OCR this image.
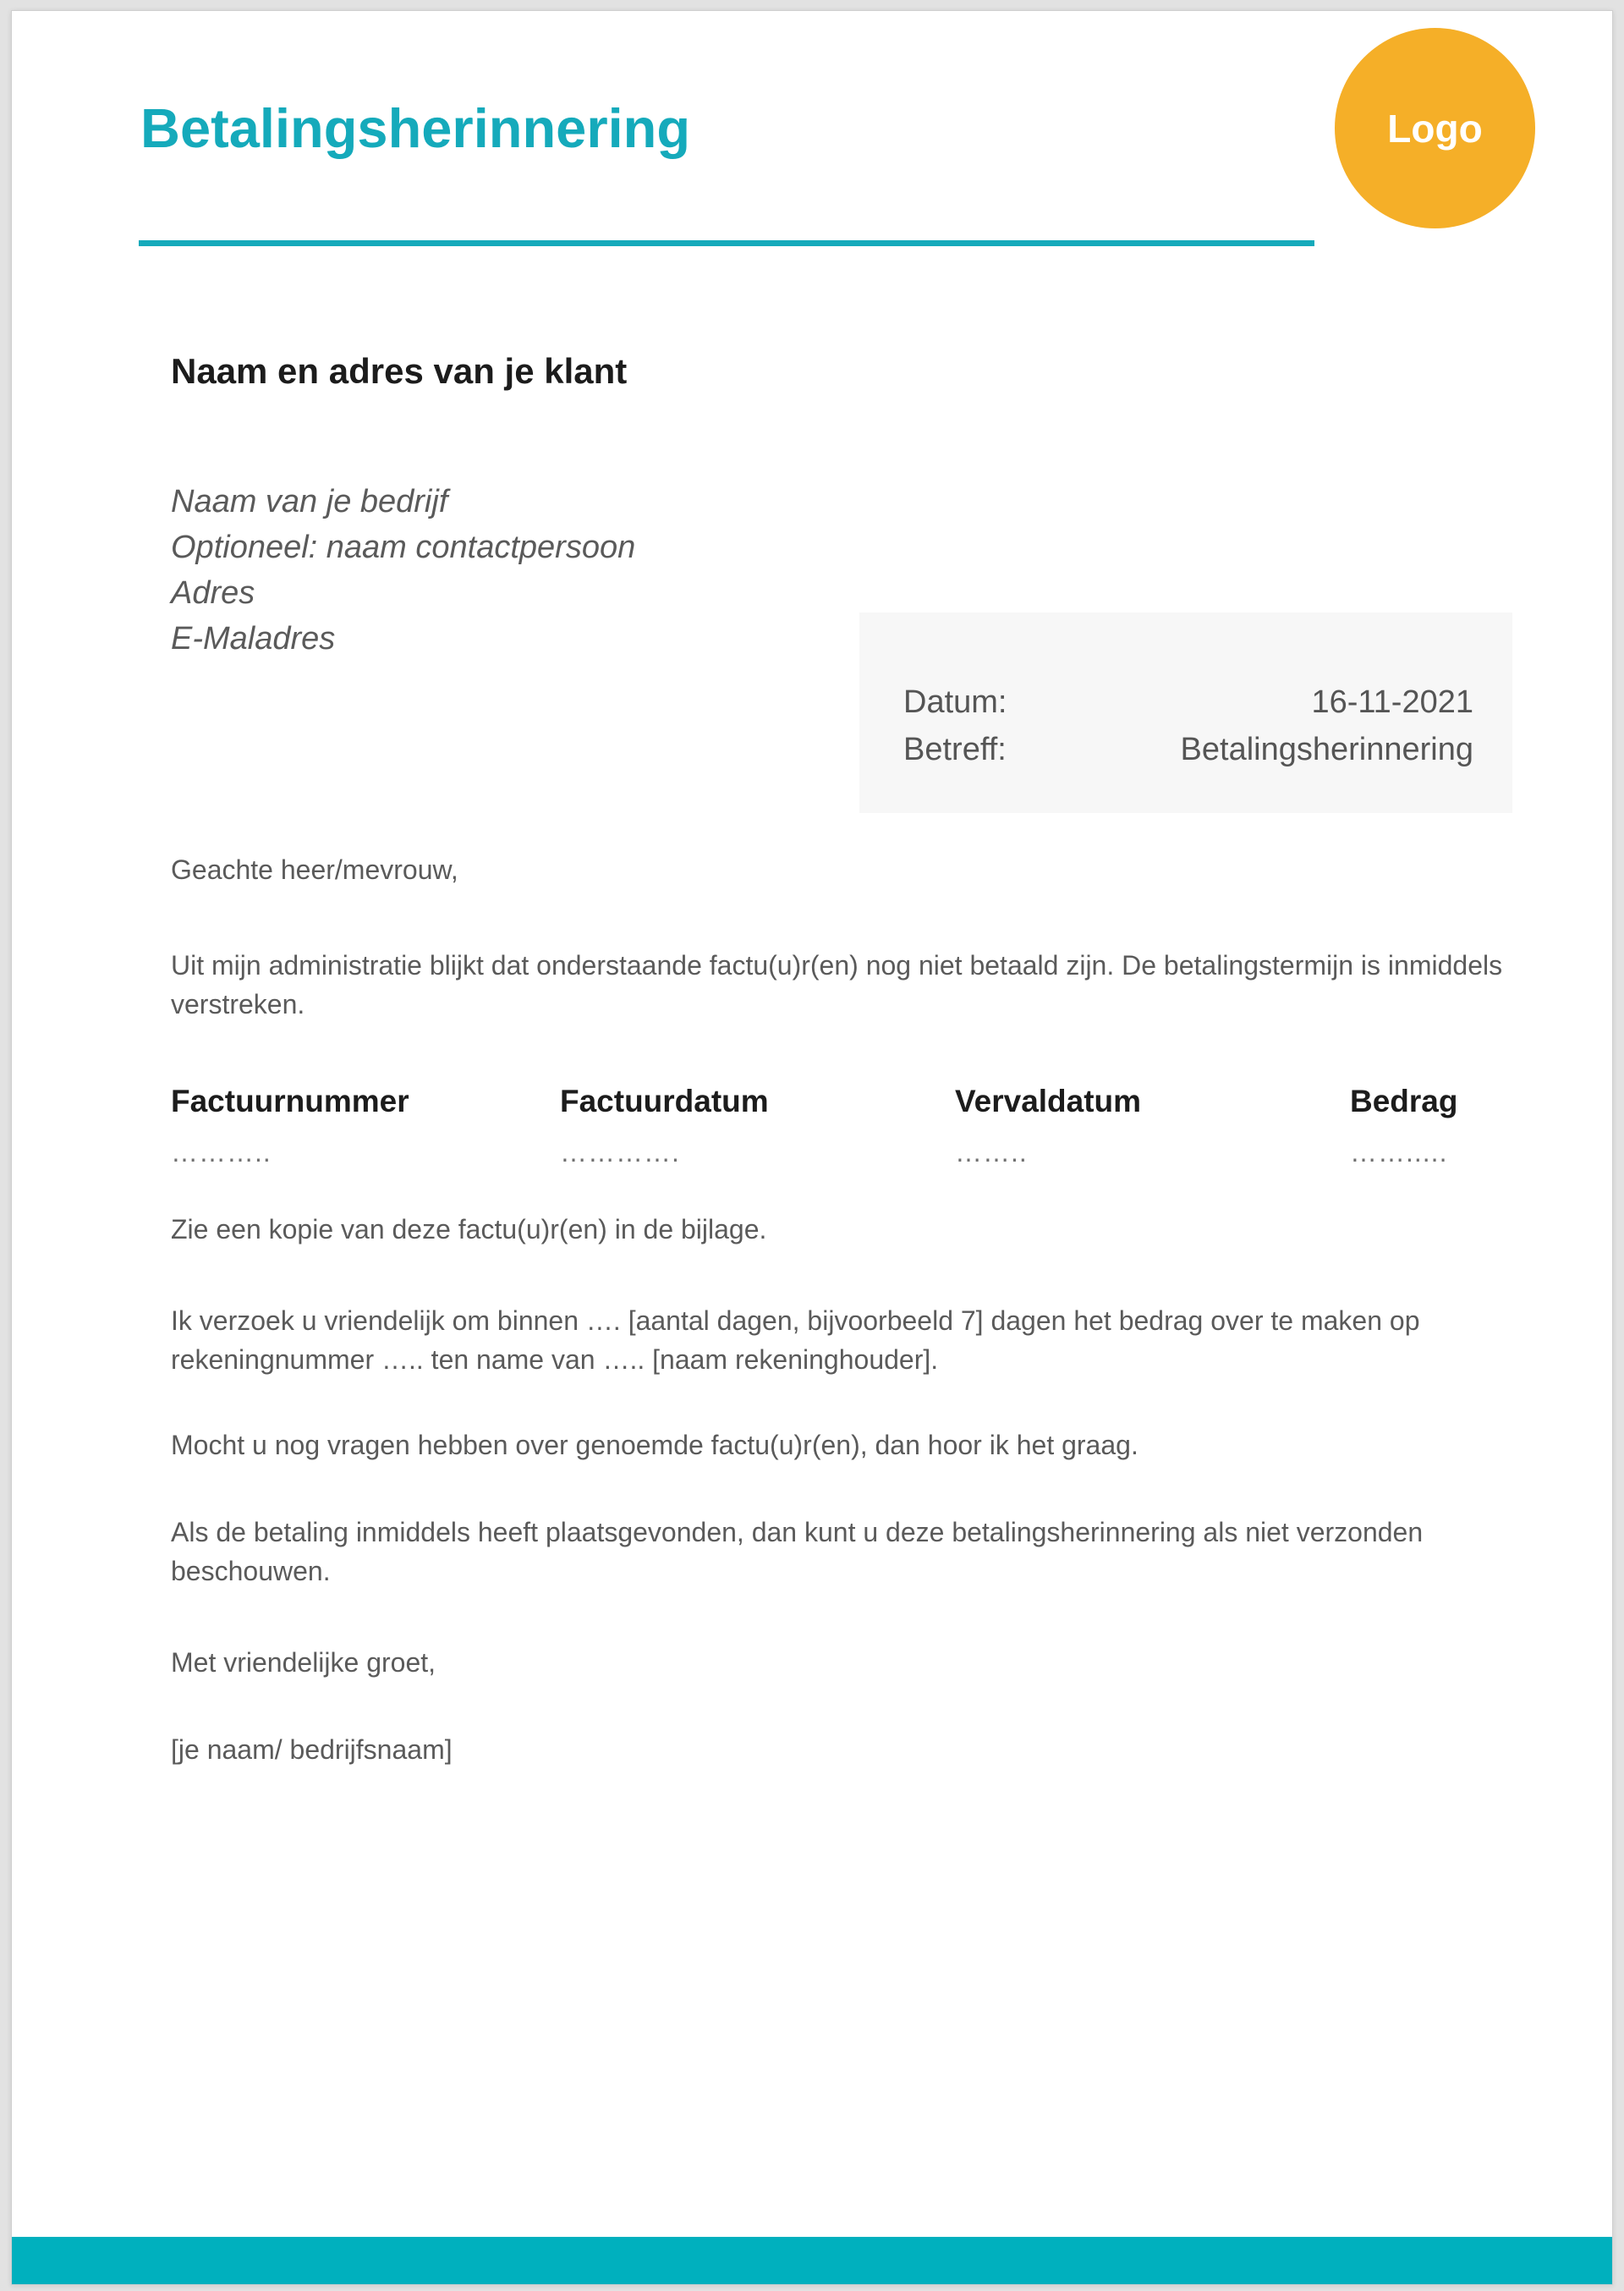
Betalingsherinnering	Logo
Naam en adres van je klant
Naam van je bedrijf
Optioneel: naam contactpersoon
Adres
E-Maladres
Datum:	16-11-2021
Betreff:	Betalingsherinnering

Geachte heer/mevrouw,

Uit mijn administratie blijkt dat onderstaande factu(u)r(en) nog niet betaald zijn. De betalingstermijn is inmiddels verstreken.

Factuurnummer	Factuurdatum	Vervaldatum	Bedrag
………..	………….	……..	…….....

Zie een kopie van deze factu(u)r(en) in de bijlage.

Ik verzoek u vriendelijk om binnen …. [aantal dagen, bijvoorbeeld 7] dagen het bedrag over te maken op rekeningnummer ….. ten name van ….. [naam rekeninghouder].

Mocht u nog vragen hebben over genoemde factu(u)r(en), dan hoor ik het graag.

Als de betaling inmiddels heeft plaatsgevonden, dan kunt u deze betalingsherinnering als niet verzonden beschouwen.

Met vriendelijke groet,

[je naam/ bedrijfsnaam]
